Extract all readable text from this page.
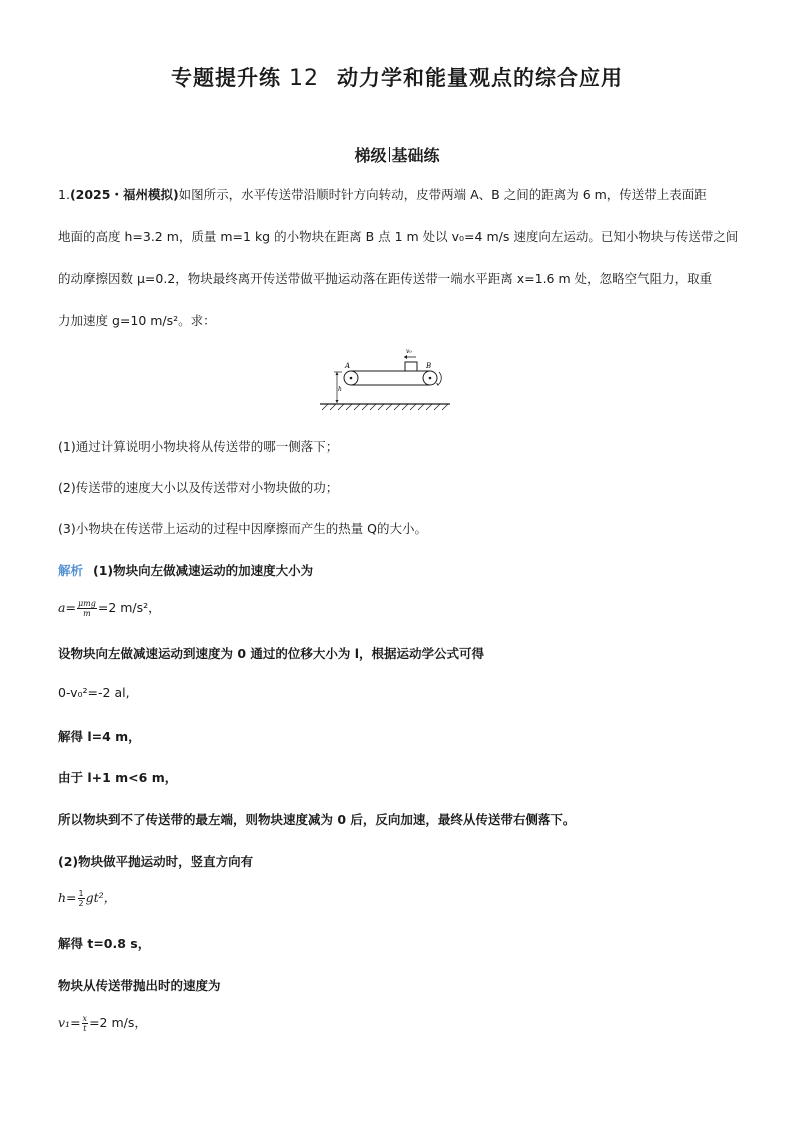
专题提升练 12 动力学和能量观点的综合应用
梯级 基础练
1.(2025・福州模拟)如图所示，水平传送带沿顺时针方向转动，皮带两端 A、B 之间的距离为 6 m，传送带上表面距
地面的高度 h=3.2 m，质量 m=1 kg 的小物块在距离 B 点 1 m 处以 v₀=4 m/s 速度向左运动。已知小物块与传送带之间
的动摩擦因数 μ=0.2，物块最终离开传送带做平抛运动落在距传送带一端水平距离 x=1.6 m 处，忽略空气阻力，取重
力加速度 g=10 m/s²。求：
v₀
A	B
h
(1)通过计算说明小物块将从传送带的哪一侧落下；
(2)传送带的速度大小以及传送带对小物块做的功；
(3)小物块在传送带上运动的过程中因摩擦而产生的热量 Q的大小。
解析 (1)物块向左做减速运动的加速度大小为
$a= \frac{\text{μmg}}{m} =2$ m/s²，
设物块向左做减速运动到速度为 0 通过的位移大小为 l，根据运动学公式可得
0-v₀²=-2 al,
解得 l=4 m，
由于 l+1 m<6 m，
所以物块到不了传送带的最左端，则物块速度减为 0 后，反向加速，最终从传送带右侧落下。
(2)物块做平抛运动时，竖直方向有
$h= \frac{1}{2} gt^2$，
解得 t=0.8 s，
物块从传送带抛出时的速度为
$v_1= \frac{x}{t} =2$ m/s，
